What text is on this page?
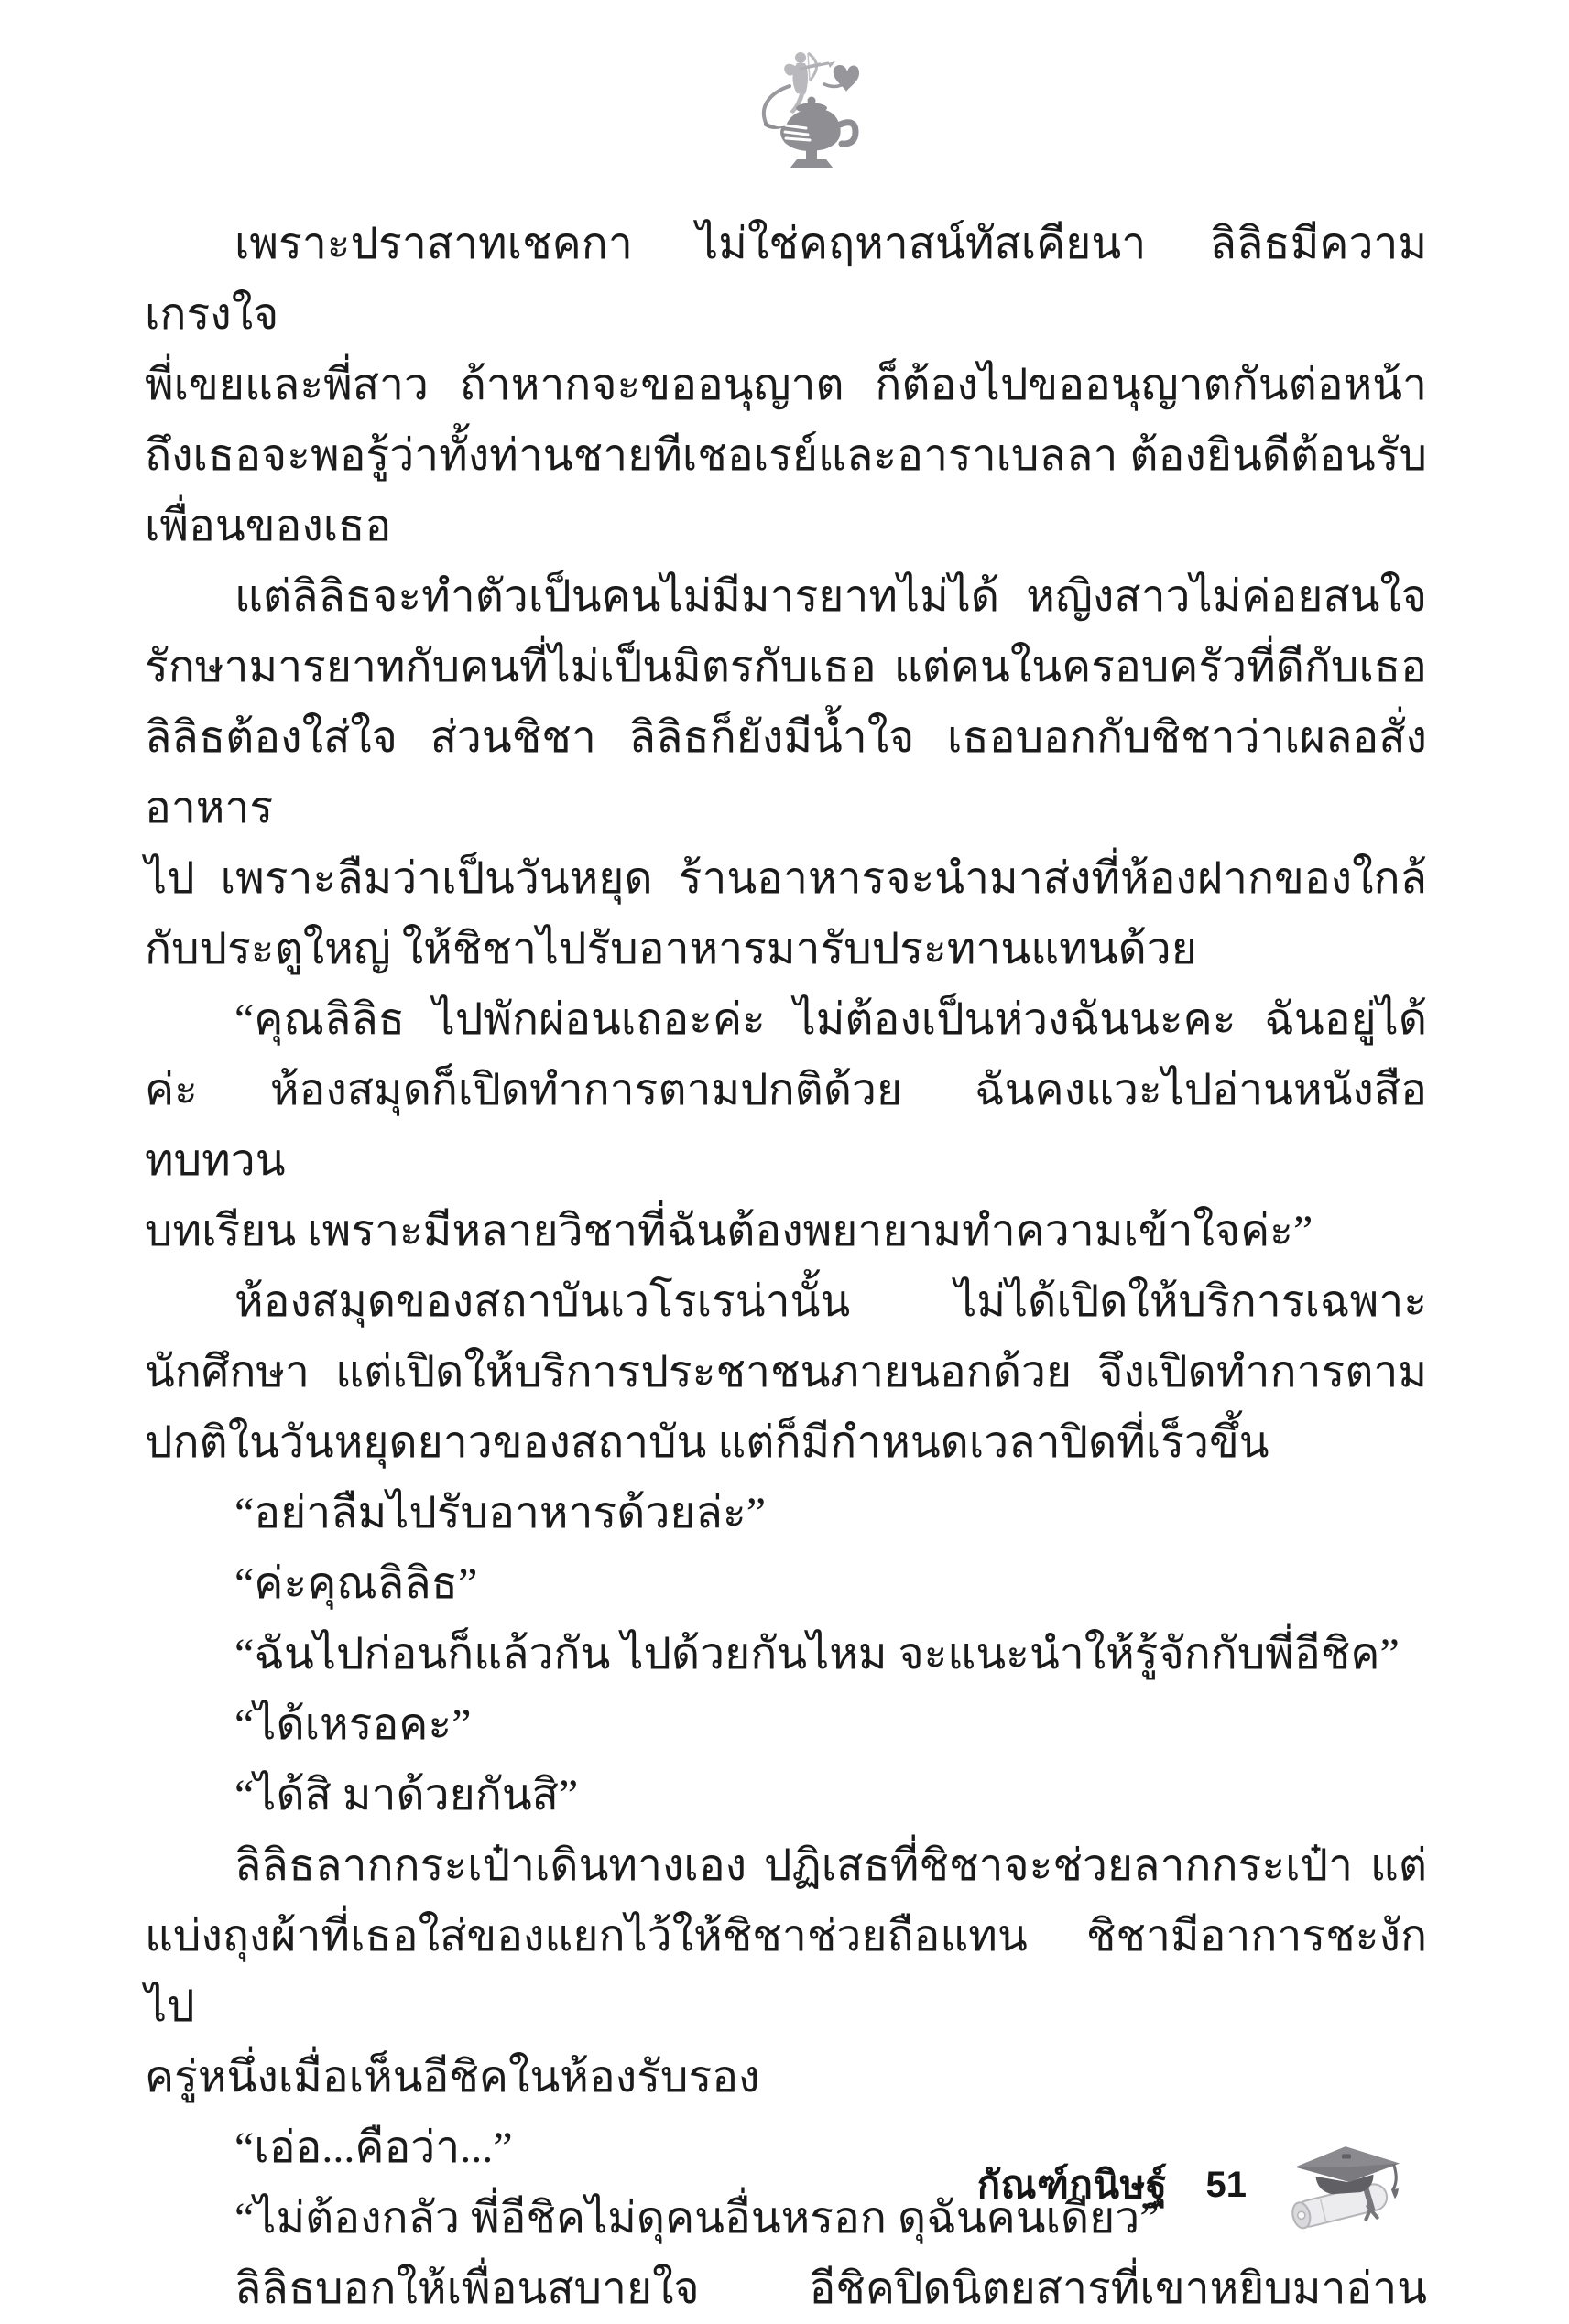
เพราะปราสาทเชคกา ไม่ใช่คฤหาสน์ทัสเคียนา ลิลิธมีความเกรงใจ
พี่เขยและพี่สาว ถ้าหากจะขออนุญาต ก็ต้องไปขออนุญาตกันต่อหน้า
ถึงเธอจะพอรู้ว่าทั้งท่านชายทีเชอเรย์และอาราเบลลา ต้องยินดีต้อนรับ
เพื่อนของเธอ
แต่ลิลิธจะทำตัวเป็นคนไม่มีมารยาทไม่ได้ หญิงสาวไม่ค่อยสนใจ
รักษามารยาทกับคนที่ไม่เป็นมิตรกับเธอ แต่คนในครอบครัวที่ดีกับเธอ
ลิลิธต้องใส่ใจ ส่วนชิชา ลิลิธก็ยังมีน้ำใจ เธอบอกกับชิชาว่าเผลอสั่งอาหาร
ไป เพราะลืมว่าเป็นวันหยุด ร้านอาหารจะนำมาส่งที่ห้องฝากของใกล้
กับประตูใหญ่ ให้ชิชาไปรับอาหารมารับประทานแทนด้วย
“คุณลิลิธ ไปพักผ่อนเถอะค่ะ ไม่ต้องเป็นห่วงฉันนะคะ ฉันอยู่ได้
ค่ะ ห้องสมุดก็เปิดทำการตามปกติด้วย ฉันคงแวะไปอ่านหนังสือทบทวน
บทเรียน เพราะมีหลายวิชาที่ฉันต้องพยายามทำความเข้าใจค่ะ”
ห้องสมุดของสถาบันเวโรเรน่านั้น ไม่ได้เปิดให้บริการเฉพาะ
นักศึกษา แต่เปิดให้บริการประชาชนภายนอกด้วย จึงเปิดทำการตาม
ปกติในวันหยุดยาวของสถาบัน แต่ก็มีกำหนดเวลาปิดที่เร็วขึ้น
“อย่าลืมไปรับอาหารด้วยล่ะ”
“ค่ะคุณลิลิธ”
“ฉันไปก่อนก็แล้วกัน ไปด้วยกันไหม จะแนะนำให้รู้จักกับพี่อีชิค”
“ได้เหรอคะ”
“ได้สิ มาด้วยกันสิ”
ลิลิธลากกระเป๋าเดินทางเอง ปฏิเสธที่ชิชาจะช่วยลากกระเป๋า แต่
แบ่งถุงผ้าที่เธอใส่ของแยกไว้ให้ชิชาช่วยถือแทน ชิชามีอาการชะงักไป
ครู่หนึ่งเมื่อเห็นอีชิคในห้องรับรอง
“เอ่อ...คือว่า...”
“ไม่ต้องกลัว พี่อีชิคไม่ดุคนอื่นหรอก ดุฉันคนเดียว”
ลิลิธบอกให้เพื่อนสบายใจ อีชิคปิดนิตยสารที่เขาหยิบมาอ่าน
กัณฑ์กนิษฐ์ 51
